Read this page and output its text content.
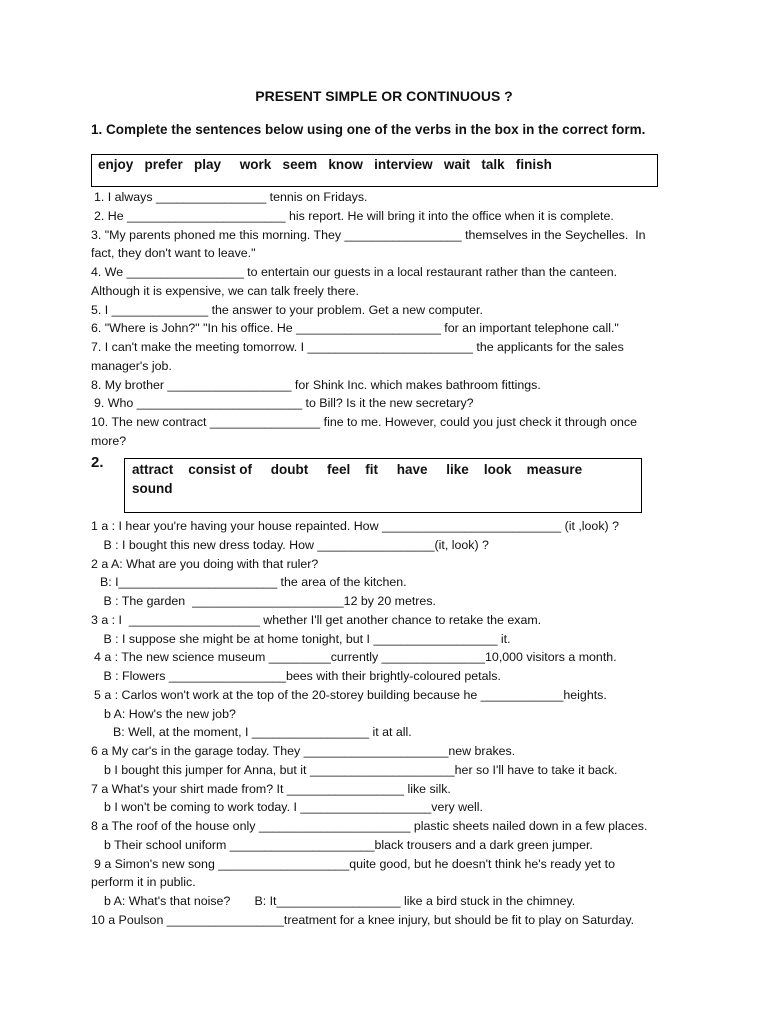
PRESENT SIMPLE OR CONTINUOUS ?

1. Complete the sentences below using one of the verbs in the box in the correct form.

enjoy   prefer   play     work   seem   know   interview   wait   talk   finish
1. I always ________________ tennis on Fridays.
2. He _______________________ his report. He will bring it into the office when it is complete.
3. "My parents phoned me this morning. They _________________ themselves in the Seychelles.  In
fact, they don't want to leave."
4. We _________________ to entertain our guests in a local restaurant rather than the canteen.
Although it is expensive, we can talk freely there.
5. I ______________ the answer to your problem. Get a new computer.
6. "Where is John?" "In his office. He _____________________ for an important telephone call."
7. I can't make the meeting tomorrow. I ________________________ the applicants for the sales
manager's job.
8. My brother __________________ for Shink Inc. which makes bathroom fittings.
9. Who ________________________ to Bill? Is it the new secretary?
10. The new contract ________________ fine to me. However, could you just check it through once
more?

2.	attract    consist of     doubt     feel    fit     have     like    look    measure
sound
1 a : I hear you're having your house repainted. How __________________________ (it ,look) ?
B : I bought this new dress today. How _________________(it, look) ?
2 a A: What are you doing with that ruler?
B: I_______________________ the area of the kitchen.
B : The garden  ______________________12 by 20 metres.
3 a : I  ___________________ whether I'll get another chance to retake the exam.
B : I suppose she might be at home tonight, but I __________________ it.
4 a : The new science museum _________currently _______________10,000 visitors a month.
B : Flowers _________________bees with their brightly-coloured petals.
5 a : Carlos won't work at the top of the 20-storey building because he ____________heights.
b A: How's the new job?
B: Well, at the moment, I _________________ it at all.
6 a My car's in the garage today. They _____________________new brakes.
b I bought this jumper for Anna, but it _____________________her so I'll have to take it back.
7 a What's your shirt made from? It _________________ like silk.
b I won't be coming to work today. I ___________________very well.
8 a The roof of the house only ______________________ plastic sheets nailed down in a few places.
b Their school uniform _____________________black trousers and a dark green jumper.
9 a Simon's new song ___________________quite good, but he doesn't think he's ready yet to
perform it in public.
b A: What's that noise?       B: It__________________ like a bird stuck in the chimney.
10 a Poulson _________________treatment for a knee injury, but should be fit to play on Saturday.
